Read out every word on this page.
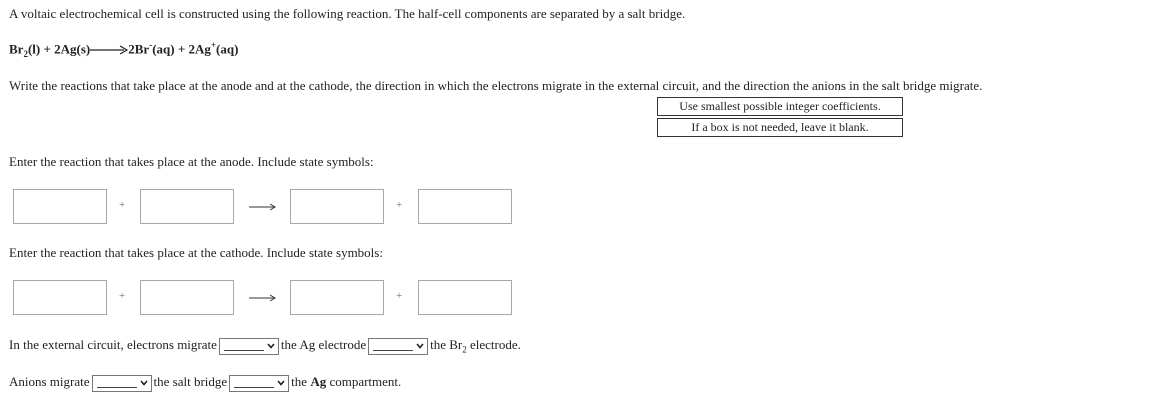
A voltaic electrochemical cell is constructed using the following reaction. The half-cell components are separated by a salt bridge.
$Br_2(l) + 2Ag(s)\to 2Br^-(aq) + 2Ag^+(aq)$
Write the reactions that take place at the anode and at the cathode, the direction in which the electrons migrate in the external circuit, and the direction the anions in the salt bridge migrate.
Use smallest possible integer coefficients.
If a box is not needed, leave it blank.
Enter the reaction that takes place at the anode. Include state symbols:
+	+
Enter the reaction that takes place at the cathode. Include state symbols:
+	+
In the external circuit, electrons migrate	the Ag electrode	the $Br_2$ electrode.
Anions migrate	the salt bridge	the Ag compartment.
